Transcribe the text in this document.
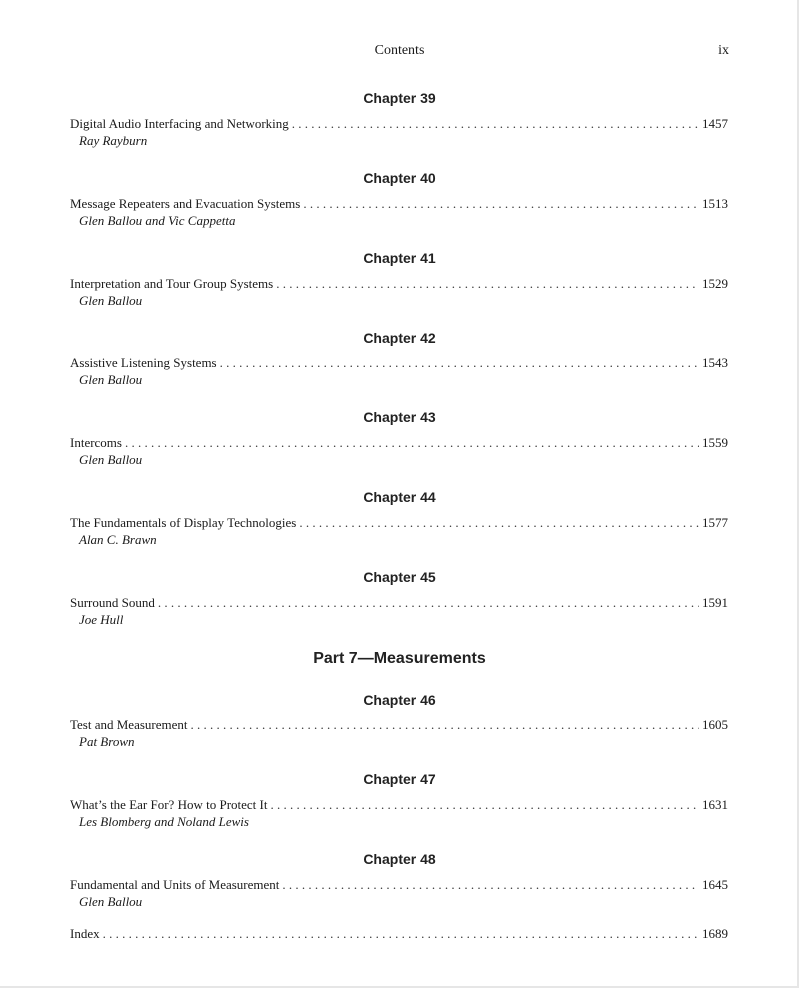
Contents	ix
Chapter 39
Digital Audio Interfacing and Networking . . .	1457
Ray Rayburn
Chapter 40
Message Repeaters and Evacuation Systems . . .	1513
Glen Ballou and Vic Cappetta
Chapter 41
Interpretation and Tour Group Systems . . .	1529
Glen Ballou
Chapter 42
Assistive Listening Systems . . .	1543
Glen Ballou
Chapter 43
Intercoms . . .	1559
Glen Ballou
Chapter 44
The Fundamentals of Display Technologies . . .	1577
Alan C. Brawn
Chapter 45
Surround Sound . . .	1591
Joe Hull
Part 7—Measurements
Chapter 46
Test and Measurement . . .	1605
Pat Brown
Chapter 47
What’s the Ear For? How to Protect It . . .	1631
Les Blomberg and Noland Lewis
Chapter 48
Fundamental and Units of Measurement . . .	1645
Glen Ballou
Index . . .	1689
